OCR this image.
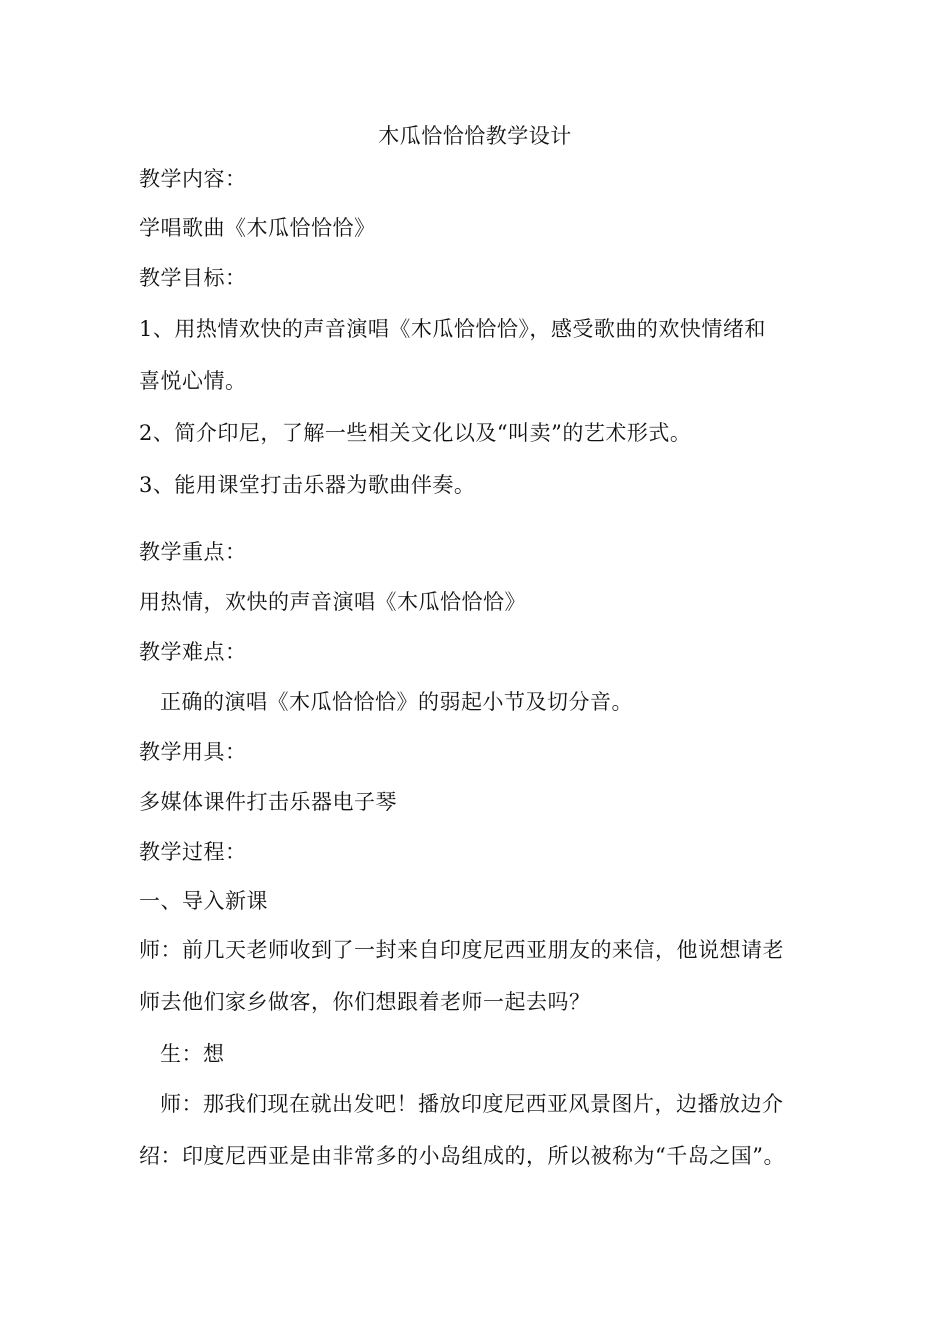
木瓜恰恰恰教学设计
教学内容：
学唱歌曲《木瓜恰恰恰》
教学目标：
1、用热情欢快的声音演唱《木瓜恰恰恰》，感受歌曲的欢快情绪和
喜悦心情。
2、简介印尼，了解一些相关文化以及“叫卖”的艺术形式。
3、能用课堂打击乐器为歌曲伴奏。
教学重点：
用热情，欢快的声音演唱《木瓜恰恰恰》
教学难点：
正确的演唱《木瓜恰恰恰》的弱起小节及切分音。
教学用具：
多媒体课件打击乐器电子琴
教学过程：
一、导入新课
师：前几天老师收到了一封来自印度尼西亚朋友的来信，他说想请老
师去他们家乡做客，你们想跟着老师一起去吗？
生：想
师：那我们现在就出发吧！播放印度尼西亚风景图片，边播放边介
绍：印度尼西亚是由非常多的小岛组成的，所以被称为“千岛之国”。
